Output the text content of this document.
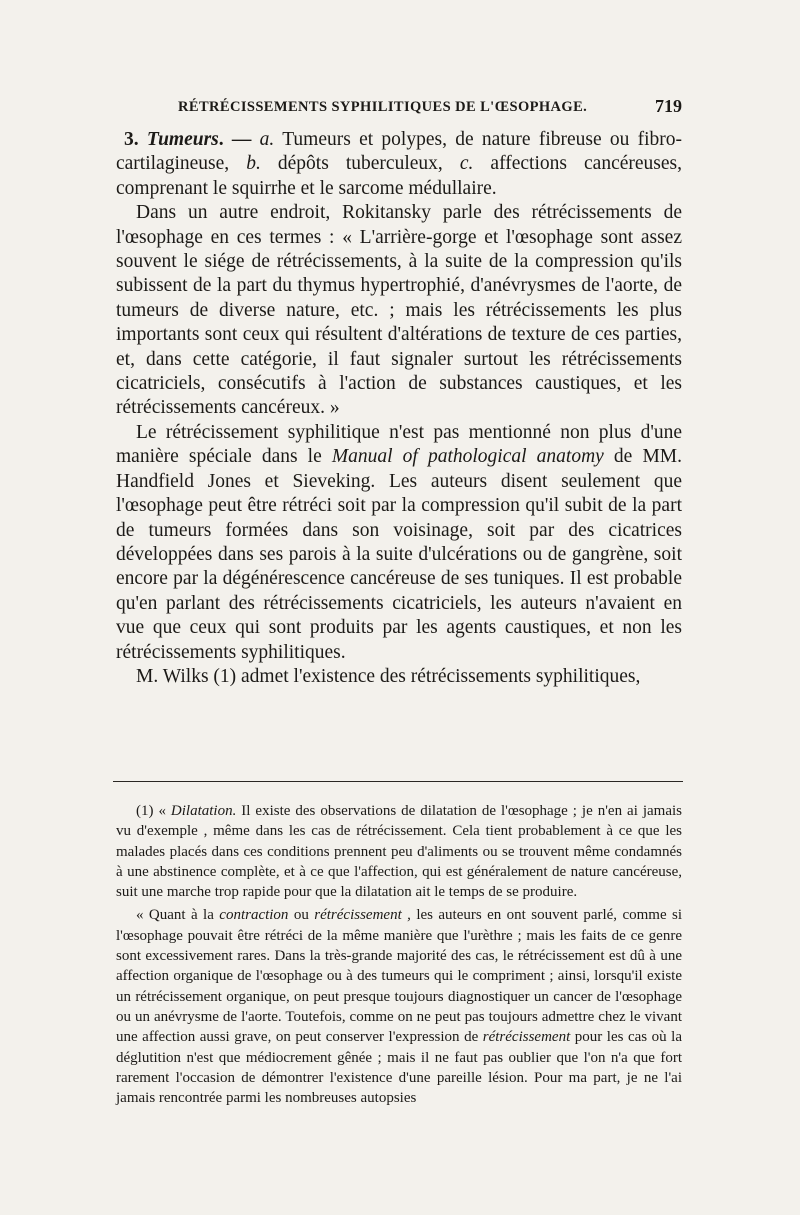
RÉTRÉCISSEMENTS SYPHILITIQUES DE L'ŒSOPHAGE.	719

3. Tumeurs. — a. Tumeurs et polypes, de nature fibreuse ou fibro-cartilagineuse, b. dépôts tuberculeux, c. affections cancéreuses, comprenant le squirrhe et le sarcome médullaire.

Dans un autre endroit, Rokitansky parle des rétrécissements de l'œsophage en ces termes : « L'arrière-gorge et l'œsophage sont assez souvent le siége de rétrécissements, à la suite de la compression qu'ils subissent de la part du thymus hypertrophié, d'anévrysmes de l'aorte, de tumeurs de diverse nature, etc. ; mais les rétrécissements les plus importants sont ceux qui résultent d'altérations de texture de ces parties, et, dans cette catégorie, il faut signaler surtout les rétrécissements cicatriciels, consécutifs à l'action de substances caustiques, et les rétrécissements cancéreux. »

Le rétrécissement syphilitique n'est pas mentionné non plus d'une manière spéciale dans le Manual of pathological anatomy de MM. Handfield Jones et Sieveking. Les auteurs disent seulement que l'œsophage peut être rétréci soit par la compression qu'il subit de la part de tumeurs formées dans son voisinage, soit par des cicatrices développées dans ses parois à la suite d'ulcérations ou de gangrène, soit encore par la dégénérescence cancéreuse de ses tuniques. Il est probable qu'en parlant des rétrécissements cicatriciels, les auteurs n'avaient en vue que ceux qui sont produits par les agents caustiques, et non les rétrécissements syphilitiques.

M. Wilks (1) admet l'existence des rétrécissements syphilitiques,

(1) « Dilatation. Il existe des observations de dilatation de l'œsophage ; je n'en ai jamais vu d'exemple , même dans les cas de rétrécissement. Cela tient probablement à ce que les malades placés dans ces conditions prennent peu d'aliments ou se trouvent même condamnés à une abstinence complète, et à ce que l'affection, qui est généralement de nature cancéreuse, suit une marche trop rapide pour que la dilatation ait le temps de se produire.

« Quant à la contraction ou rétrécissement , les auteurs en ont souvent parlé, comme si l'œsophage pouvait être rétréci de la même manière que l'urèthre ; mais les faits de ce genre sont excessivement rares. Dans la très-grande majorité des cas, le rétrécissement est dû à une affection organique de l'œsophage ou à des tumeurs qui le compriment ; ainsi, lorsqu'il existe un rétrécissement organique, on peut presque toujours diagnostiquer un cancer de l'œsophage ou un anévrysme de l'aorte. Toutefois, comme on ne peut pas toujours admettre chez le vivant une affection aussi grave, on peut conserver l'expression de rétrécissement pour les cas où la déglutition n'est que médiocrement gênée ; mais il ne faut pas oublier que l'on n'a que fort rarement l'occasion de démontrer l'existence d'une pareille lésion. Pour ma part, je ne l'ai jamais rencontrée parmi les nombreuses autopsies
